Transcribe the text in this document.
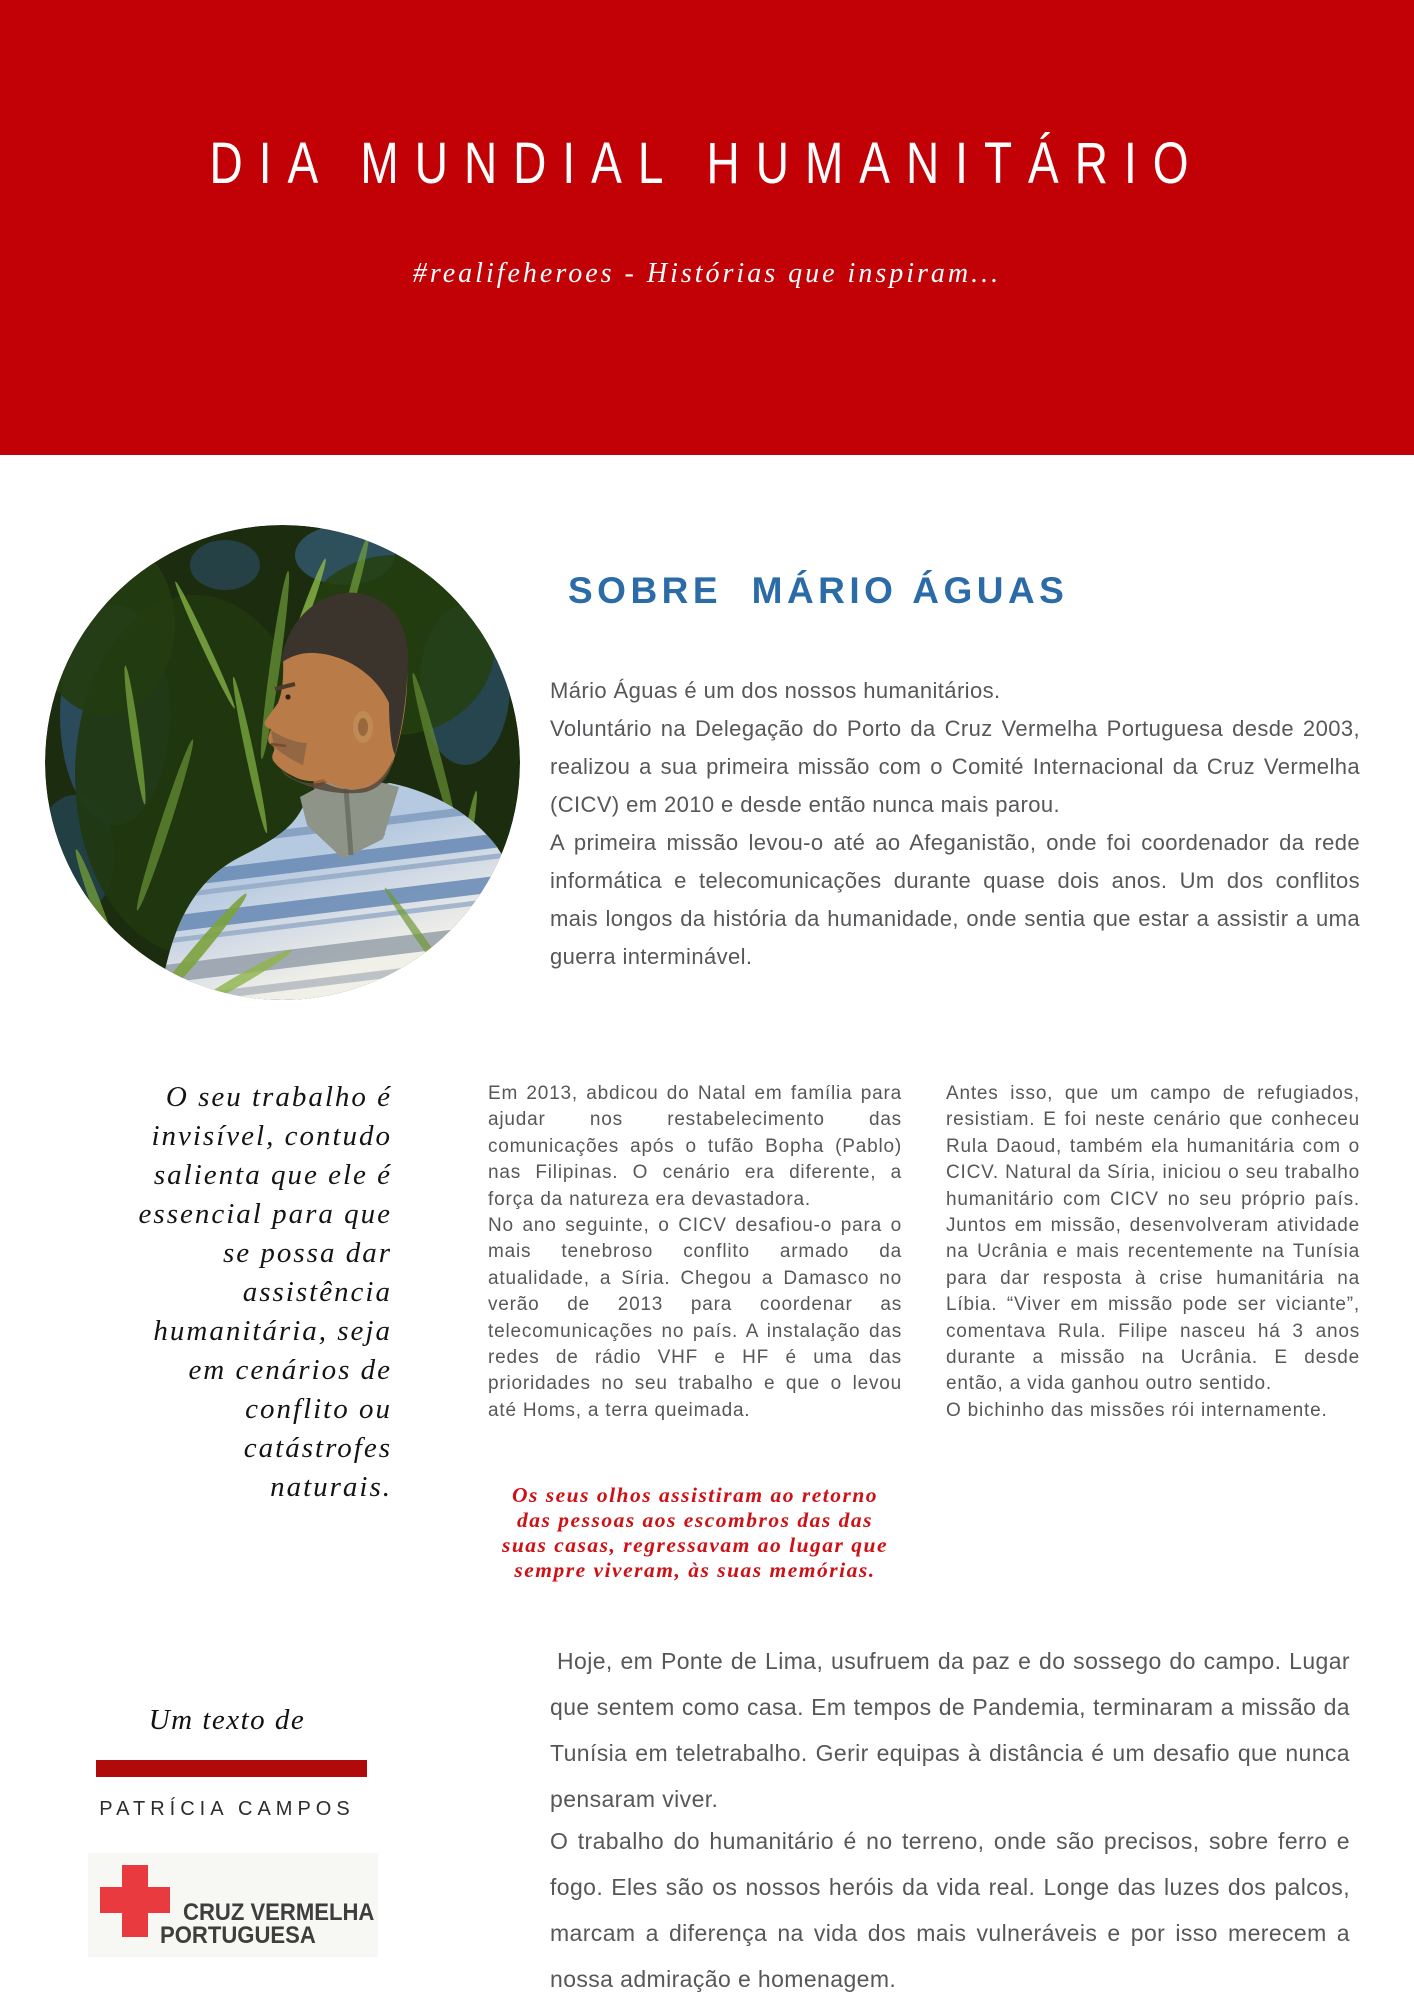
DIA MUNDIAL HUMANITÁRIO
#realifeheroes - Histórias que inspiram...
SOBRE  MÁRIO ÁGUAS

Mário Águas é um dos nossos humanitários.

Voluntário na Delegação do Porto da Cruz Vermelha Portuguesa desde 2003, realizou a sua primeira missão com o Comité Internacional da Cruz Vermelha (CICV) em 2010 e desde então nunca mais parou.

A primeira missão levou-o até ao Afeganistão, onde foi coordenador da rede informática e telecomunicações durante quase dois anos. Um dos conflitos mais longos da história da humanidade, onde sentia que estar a assistir a uma guerra interminável.

O seu trabalho é
invisível, contudo
salienta que ele é
essencial para que
se possa dar
assistência
humanitária, seja
em cenários de
conflito ou
catástrofes
naturais.

Em 2013, abdicou do Natal em família para ajudar nos restabelecimento das comunicações após o tufão Bopha (Pablo) nas Filipinas. O cenário era diferente, a força da natureza era devastadora.

No ano seguinte, o CICV desafiou-o para o mais tenebroso conflito armado da atualidade, a Síria. Chegou a Damasco no verão de 2013 para coordenar as telecomunicações no país. A instalação das redes de rádio VHF e HF é uma das prioridades no seu trabalho e que o levou até Homs, a terra queimada.

Antes isso, que um campo de refugiados, resistiam. E foi neste cenário que conheceu Rula Daoud, também ela humanitária com o CICV. Natural da Síria, iniciou o seu trabalho humanitário com CICV no seu próprio país. Juntos em missão, desenvolveram atividade na Ucrânia e mais recentemente na Tunísia para dar resposta à crise humanitária na Líbia. “Viver em missão pode ser viciante”, comentava Rula. Filipe nasceu há 3 anos durante a missão na Ucrânia. E desde então, a vida ganhou outro sentido.

O bichinho das missões rói internamente.

Os seus olhos assistiram ao retorno
das pessoas aos escombros das das
suas casas, regressavam ao lugar que
sempre viveram, às suas memórias.
Hoje, em Ponte de Lima, usufruem da paz e do sossego do campo. Lugar que sentem como casa. Em tempos de Pandemia, terminaram a missão da Tunísia em teletrabalho. Gerir equipas à distância é um desafio que nunca pensaram viver.
O trabalho do humanitário é no terreno, onde são precisos, sobre ferro e fogo. Eles são os nossos heróis da vida real. Longe das luzes dos palcos, marcam a diferença na vida dos mais vulneráveis e por isso merecem a nossa admiração e homenagem.
Um texto de
PATRÍCIA CAMPOS
CRUZ VERMELHA
PORTUGUESA
